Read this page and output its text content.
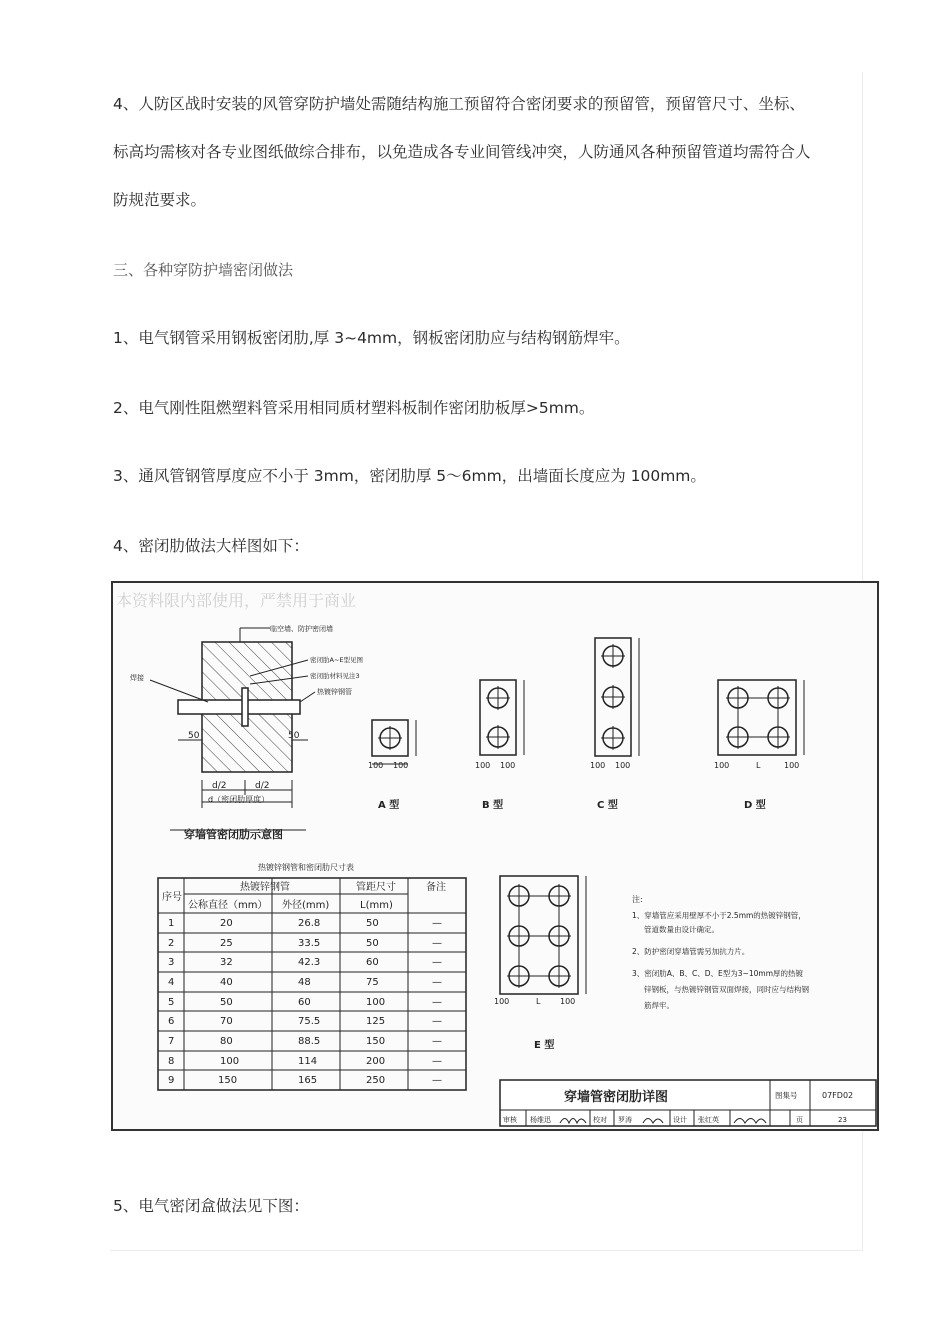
4、人防区战时安装的风管穿防护墙处需随结构施工预留符合密闭要求的预留管，预留管尺寸、坐标、

标高均需核对各专业图纸做综合排布，以免造成各专业间管线冲突，人防通风各种预留管道均需符合人

防规范要求。

三、各种穿防护墙密闭做法

1、电气钢管采用钢板密闭肋,厚 3~4mm，钢板密闭肋应与结构钢筋焊牢。

2、电气刚性阻燃塑料管采用相同质材塑料板制作密闭肋板厚>5mm。

3、通风管钢管厚度应不小于 3mm，密闭肋厚 5～6mm，出墙面长度应为 100mm。

4、密闭肋做法大样图如下：

5、电气密闭盒做法见下图：

本资料限内部使用，严禁用于商业
临空墙、防护密闭墙
焊接
密闭肋A~E型见图
密闭肋材料见注3
热镀锌钢管
50	50
d/2	d/2
d（密闭肋厚度）
穿墙管密闭肋示意图
100 100
A 型
100 100
B 型
100 100
C 型
100	L	100
D 型
热镀锌钢管和密闭肋尺寸表
序号
热镀锌钢管	管距尺寸	备注
公称直径（mm） 外径(mm)	L(mm)
1	20	26.8	50	—
2	25	33.5	50	—
3	32	42.3	60	—
4	40	48	75	—
5	50	60	100	—
6	70	75.5	125	—
7	80	88.5	150	—
8	100	114	200	—
9	150	165	250	—
100	L 100
E 型
注:
1、穿墙管应采用壁厚不小于2.5mm的热镀锌钢管，
管道数量由设计确定。
2、防护密闭穿墙管需另加抗力片。
3、密闭肋A、B、C、D、E型为3~10mm厚的热镀
锌钢板，与热镀锌钢管双面焊接，同时应与结构钢
筋焊牢。
穿墙管密闭肋详图	图集号	07FD02
审核 杨维迅	校对 罗涛	设计 张红英	页	23
